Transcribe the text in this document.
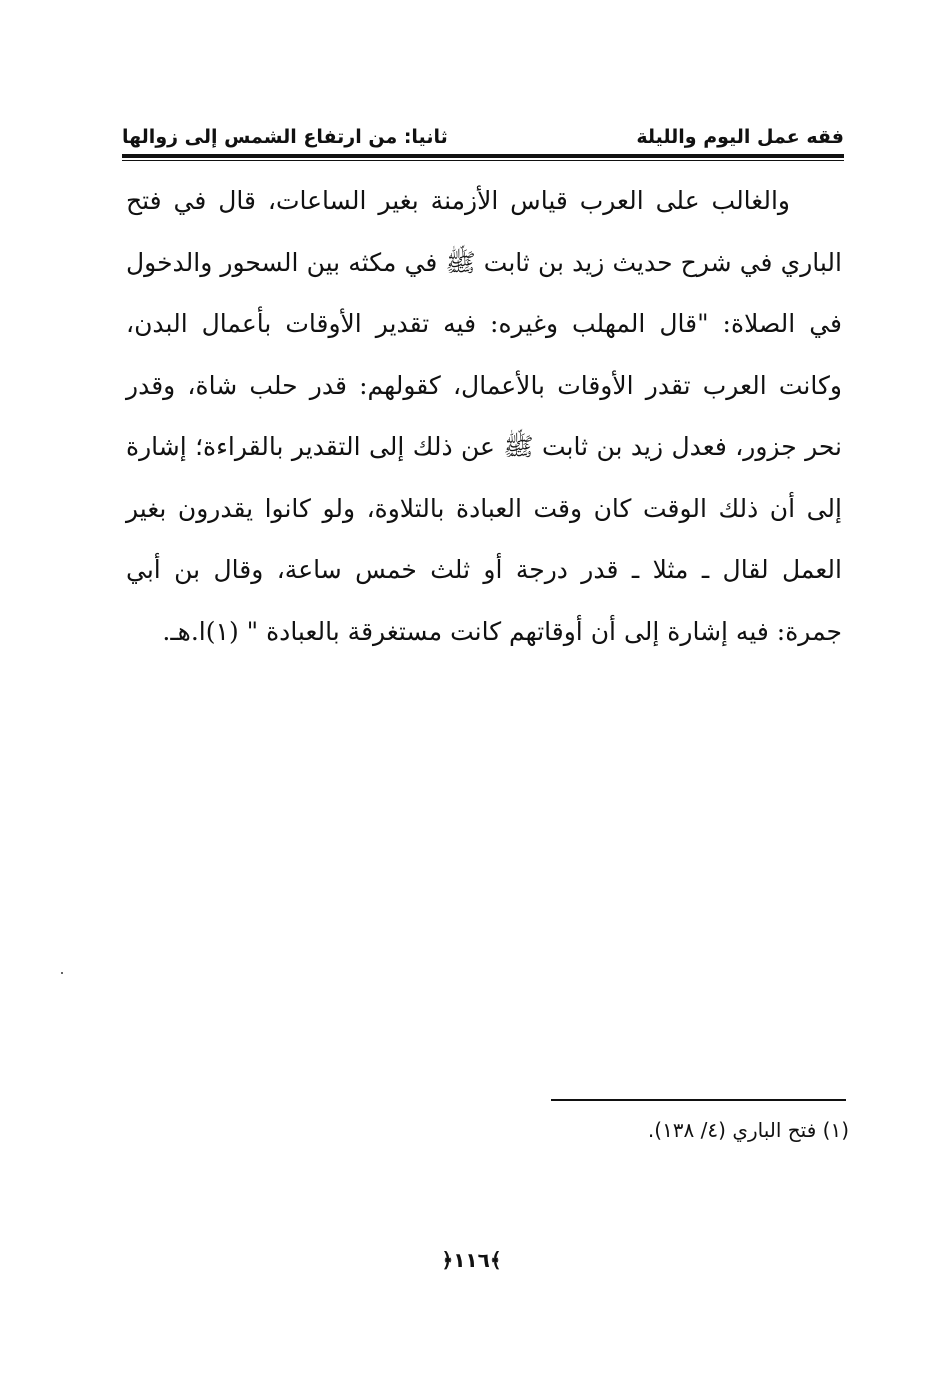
فقه عمل اليوم والليلة
ثانيا: من ارتفاع الشمس إلى زوالها

والغالب على العرب قياس الأزمنة بغير الساعات، قال في فتح الباري في شرح حديث زيد بن ثابت ﷺ في مكثه بين السحور والدخول في الصلاة: "قال المهلب وغيره: فيه تقدير الأوقات بأعمال البدن، وكانت العرب تقدر الأوقات بالأعمال، كقولهم: قدر حلب شاة، وقدر نحر جزور، فعدل زيد بن ثابت ﷺ عن ذلك إلى التقدير بالقراءة؛ إشارة إلى أن ذلك الوقت كان وقت العبادة بالتلاوة، ولو كانوا يقدرون بغير العمل لقال ـ مثلا ـ قدر درجة أو ثلث خمس ساعة، وقال بن أبي جمرة: فيه إشارة إلى أن أوقاتهم كانت مستغرقة بالعبادة " (١)ا.هـ.

(١) فتح الباري (٤/ ١٣٨).
﴿١١٦﴾
